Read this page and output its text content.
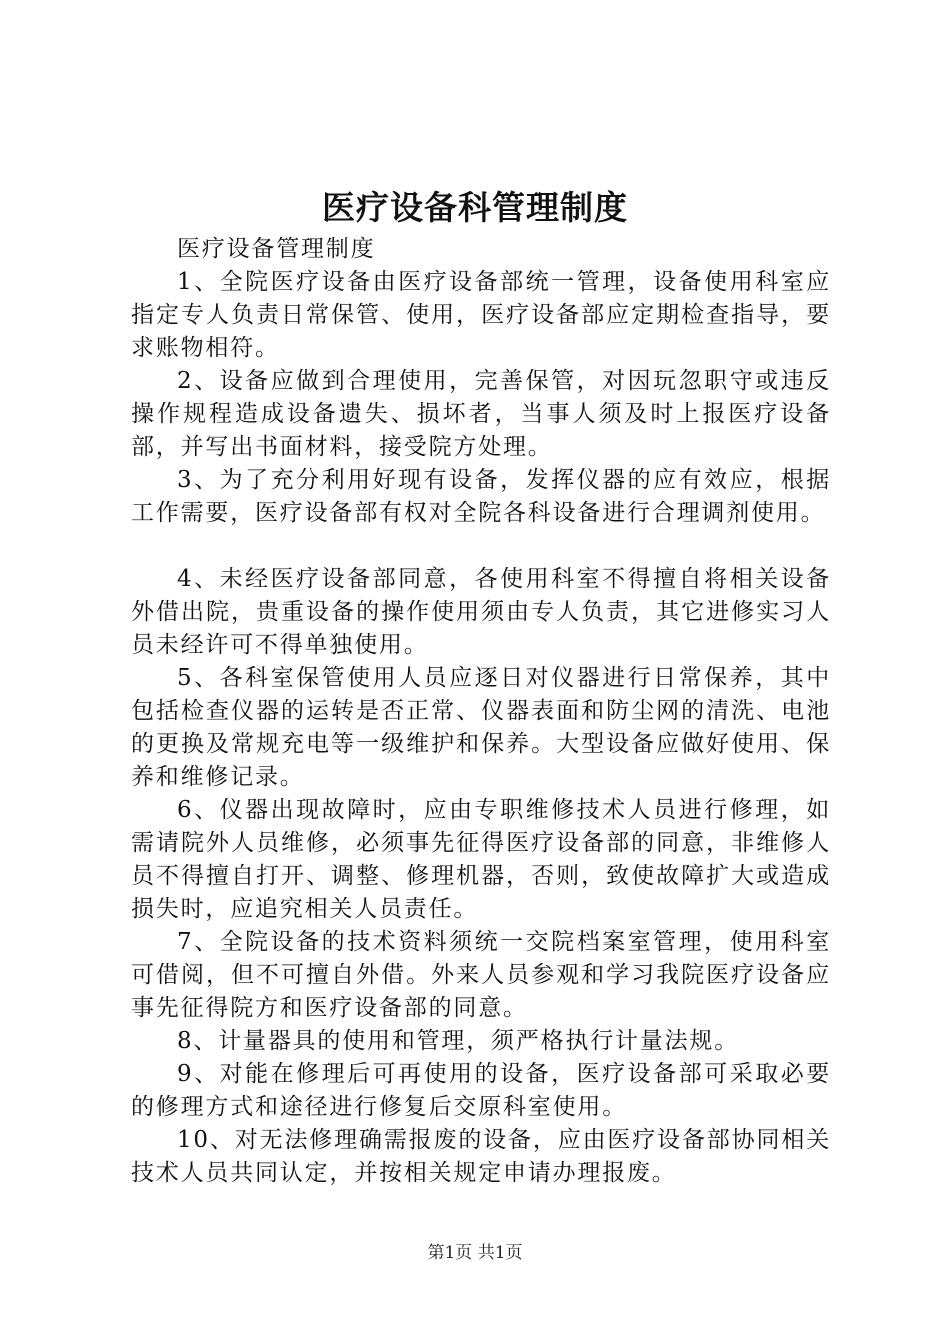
医疗设备科管理制度

医疗设备管理制度

1、全院医疗设备由医疗设备部统一管理，设备使用科室应指定专人负责日常保管、使用，医疗设备部应定期检查指导，要求账物相符。

2、设备应做到合理使用，完善保管，对因玩忽职守或违反操作规程造成设备遗失、损坏者，当事人须及时上报医疗设备部，并写出书面材料，接受院方处理。

3、为了充分利用好现有设备，发挥仪器的应有效应，根据工作需要，医疗设备部有权对全院各科设备进行合理调剂使用。

4、未经医疗设备部同意，各使用科室不得擅自将相关设备外借出院，贵重设备的操作使用须由专人负责，其它进修实习人员未经许可不得单独使用。

5、各科室保管使用人员应逐日对仪器进行日常保养，其中包括检查仪器的运转是否正常、仪器表面和防尘网的清洗、电池的更换及常规充电等一级维护和保养。大型设备应做好使用、保养和维修记录。

6、仪器出现故障时，应由专职维修技术人员进行修理，如需请院外人员维修，必须事先征得医疗设备部的同意，非维修人员不得擅自打开、调整、修理机器，否则，致使故障扩大或造成损失时，应追究相关人员责任。

7、全院设备的技术资料须统一交院档案室管理，使用科室可借阅，但不可擅自外借。外来人员参观和学习我院医疗设备应事先征得院方和医疗设备部的同意。

8、计量器具的使用和管理，须严格执行计量法规。

9、对能在修理后可再使用的设备，医疗设备部可采取必要的修理方式和途径进行修复后交原科室使用。

10、对无法修理确需报废的设备，应由医疗设备部协同相关技术人员共同认定，并按相关规定申请办理报废。

第1页 共1页
